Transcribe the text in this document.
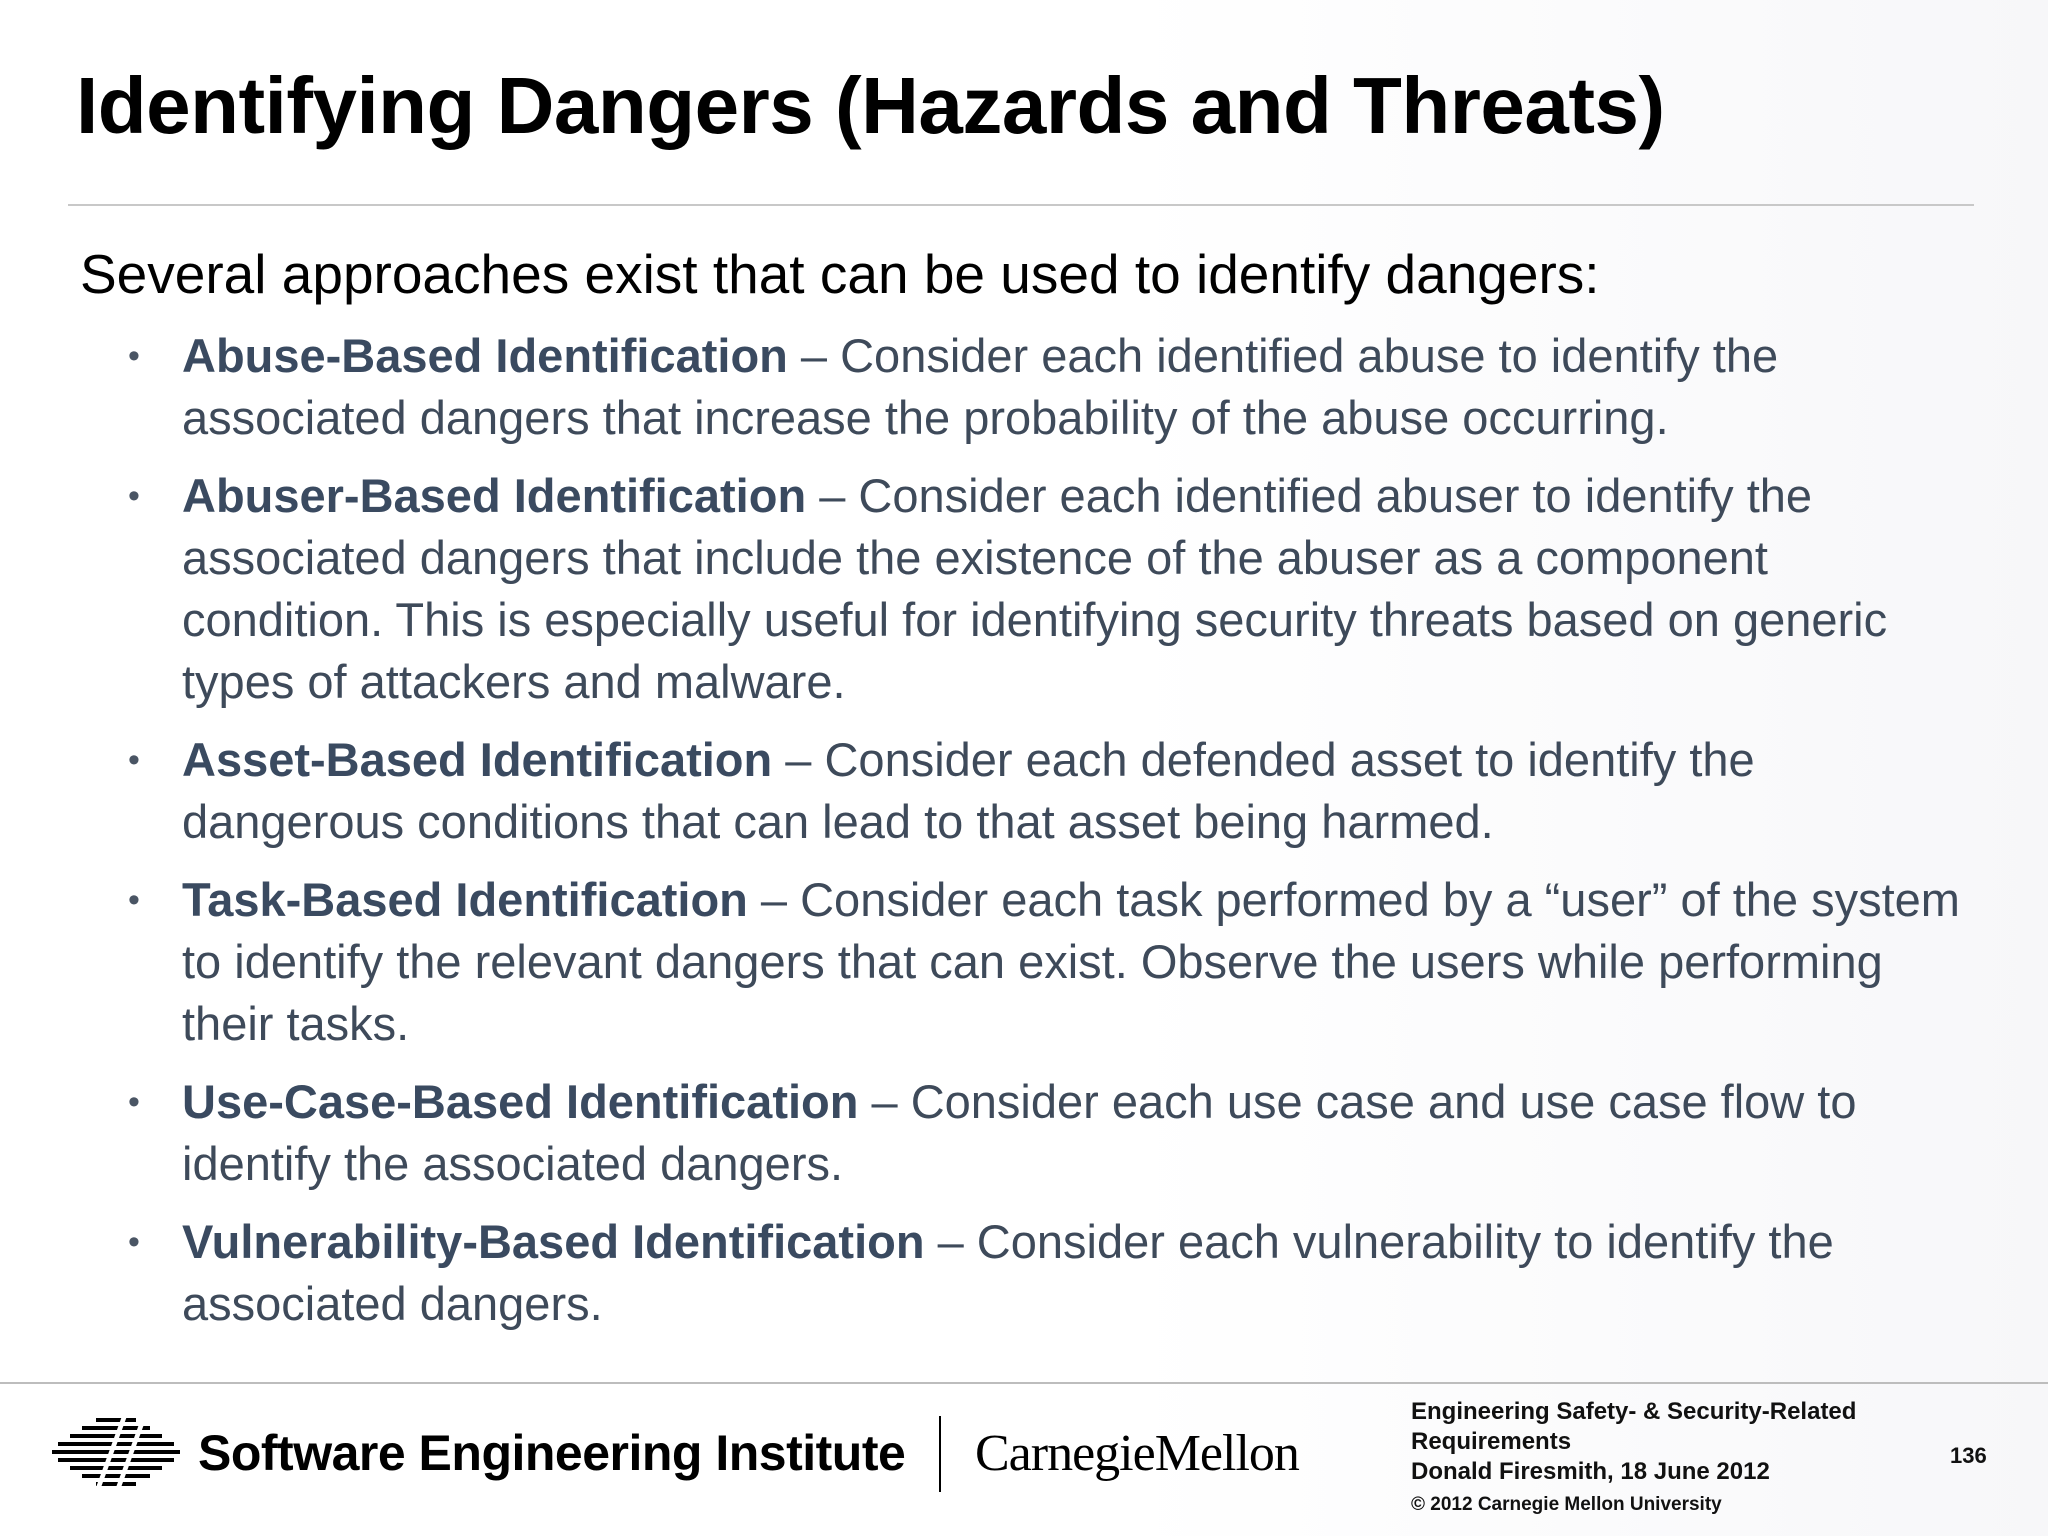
Identifying Dangers (Hazards and Threats)
Several approaches exist that can be used to identify dangers:
• Abuse-Based Identification – Consider each identified abuse to identify the associated dangers that increase the probability of the abuse occurring.
• Abuser-Based Identification – Consider each identified abuser to identify the associated dangers that include the existence of the abuser as a component condition. This is especially useful for identifying security threats based on generic types of attackers and malware.
• Asset-Based Identification – Consider each defended asset to identify the dangerous conditions that can lead to that asset being harmed.
• Task-Based Identification – Consider each task performed by a “user” of the system to identify the relevant dangers that can exist. Observe the users while performing their tasks.
• Use-Case-Based Identification – Consider each use case and use case flow to identify the associated dangers.
• Vulnerability-Based Identification – Consider each vulnerability to identify the associated dangers.
Software Engineering Institute CarnegieMellon
Engineering Safety- & Security-Related
Requirements
Donald Firesmith, 18 June 2012
© 2012 Carnegie Mellon University
136
